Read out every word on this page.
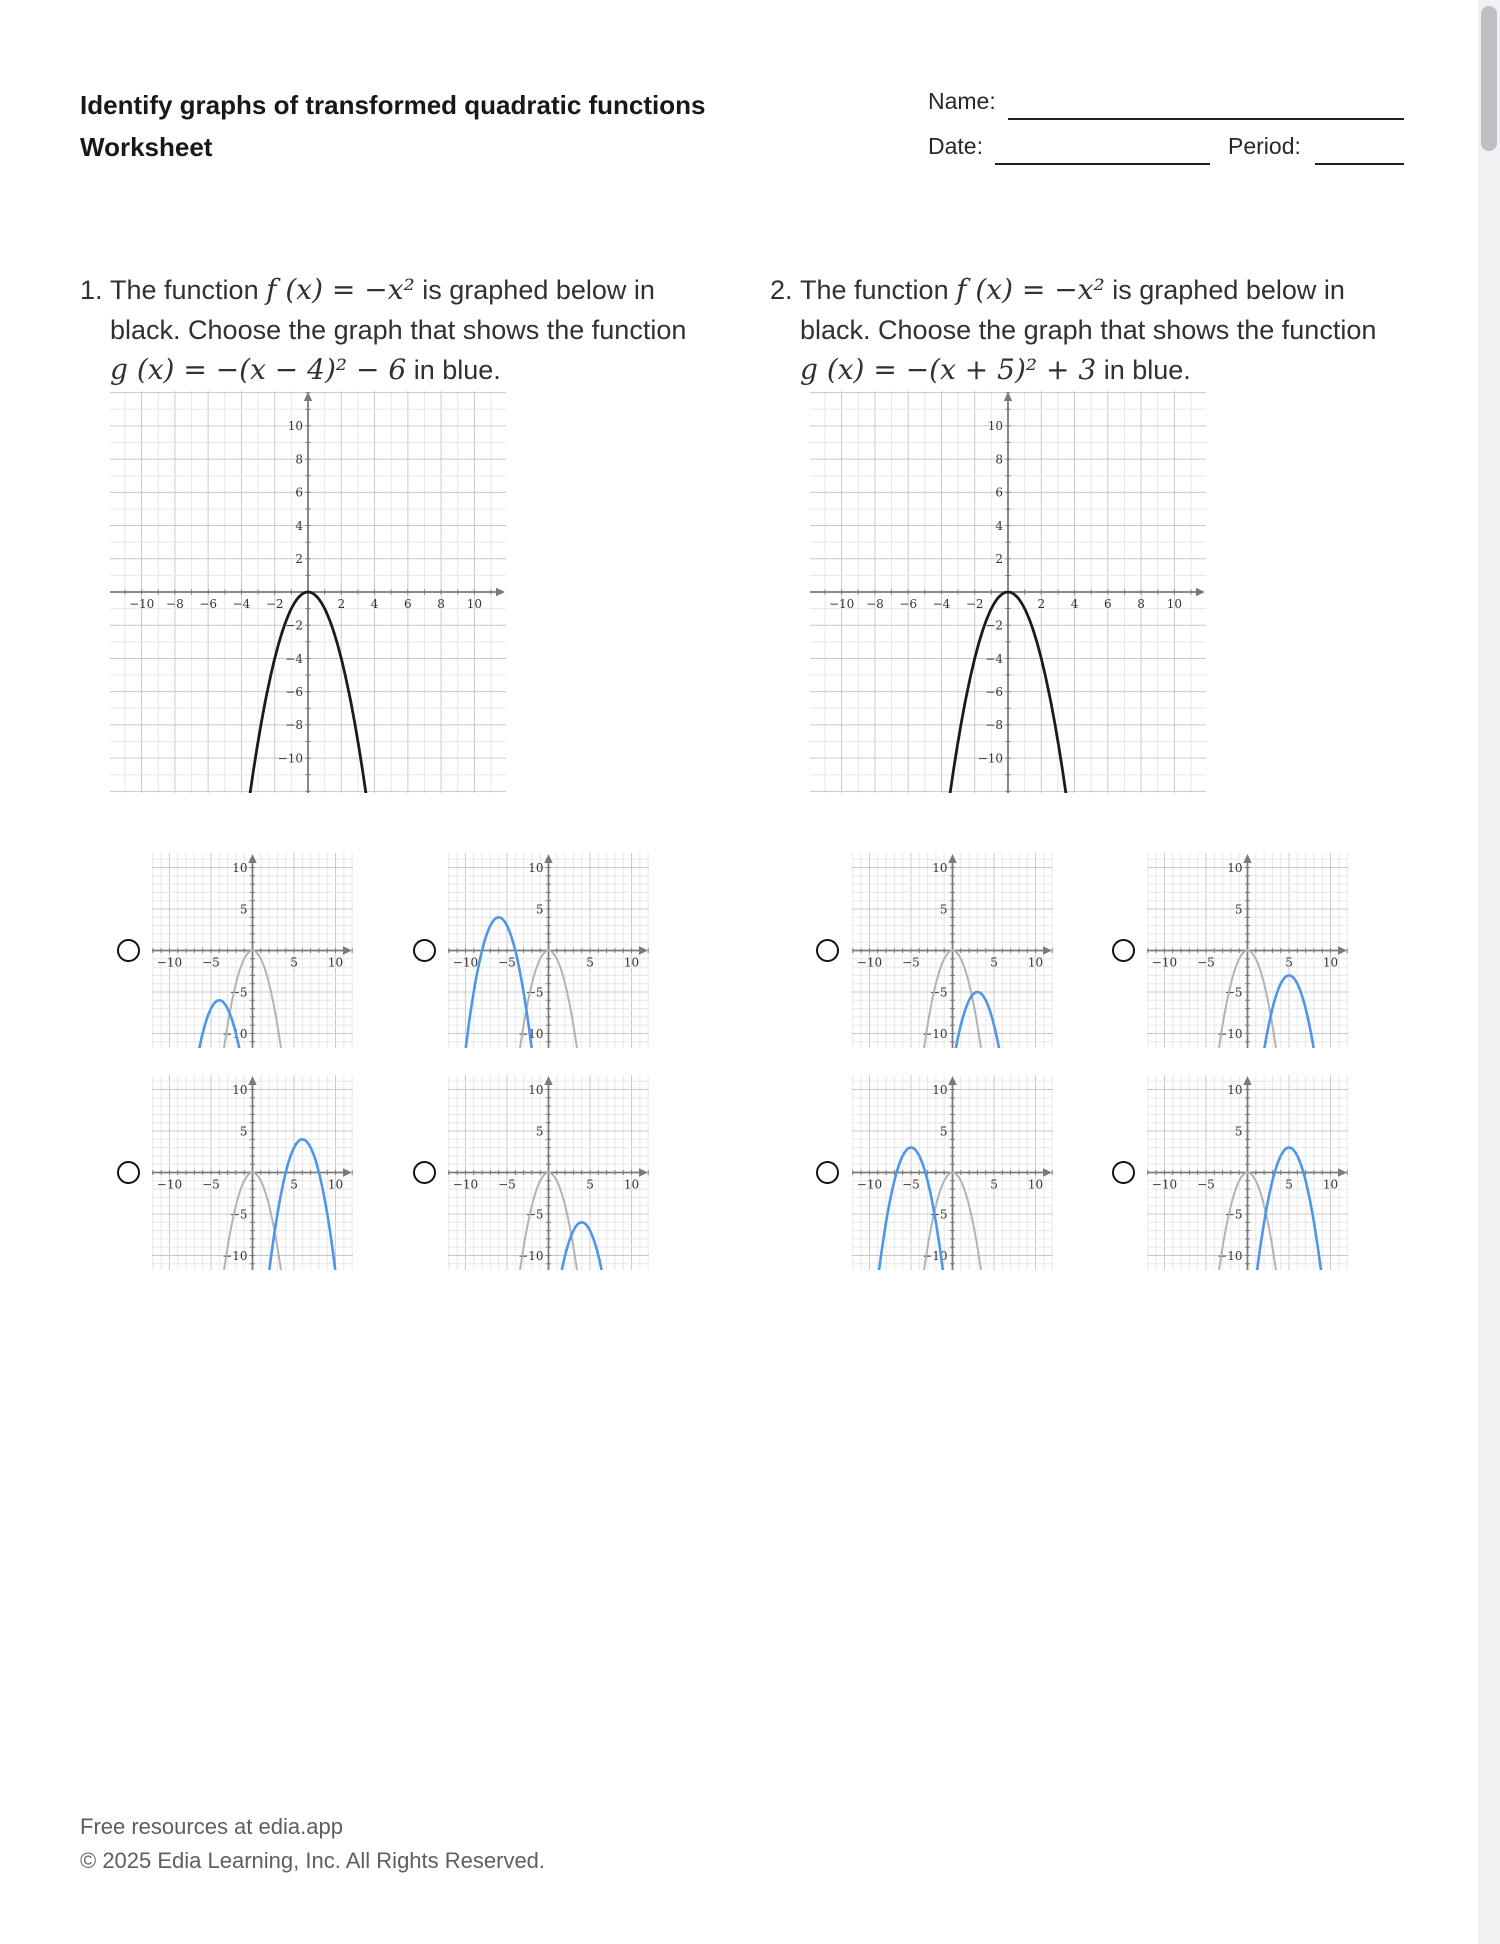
Identify graphs of transformed quadratic functions
Worksheet
Name:
Date:	Period:
1. The function f (x) = −x² is graphed below in black. Choose the graph that shows the function g (x) = −(x − 4)² − 6 in blue.
2
2
−2
−2
4
4
−4
−4
6
6
−6
−6
8
8
−8
−8
10
10
−10
−10
5
5
−5
−5
10
10
−10
−10
5
5
−5
−5
10
10
−10
−10
5
5
−5
−5
10
10
−10
−10
5
5
−5
−5
10
10
−10
−10
2. The function f (x) = −x² is graphed below in black. Choose the graph that shows the function g (x) = −(x + 5)² + 3 in blue.
2
2
−2
−2
4
4
−4
−4
6
6
−6
−6
8
8
−8
−8
10
10
−10
−10
5
5
−5
−5
10
10
−10
−10
5
5
−5
−5
10
10
−10
−10
5
5
−5
−5
10
10
−10
−10
5
5
−5
−5
10
10
−10
−10
Free resources at edia.app
© 2025 Edia Learning, Inc. All Rights Reserved.
